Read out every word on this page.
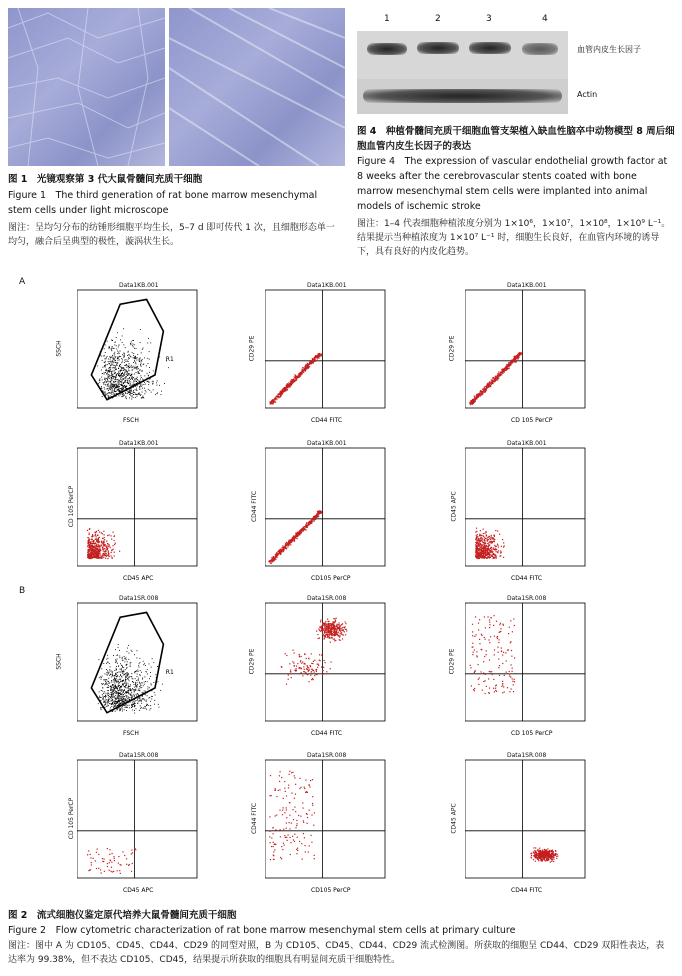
图 1　光镜观察第 3 代大鼠骨髓间充质干细胞
Figure 1　The third generation of rat bone marrow mesenchymal stem cells under light microscope
图注：呈均匀分布的纺锤形细胞平均生长，5–7 d 即可传代 1 次，且细胞形态单一均匀，融合后呈典型的极性，漩涡状生长。
1	2	3	4
血管内皮生长因子
Actin
图 4　种植骨髓间充质干细胞血管支架植入缺血性脑卒中动物模型 8 周后细胞血管内皮生长因子的表达
Figure 4　The expression of vascular endothelial growth factor at 8 weeks after the cerebrovascular stents coated with bone marrow mesenchymal stem cells were implanted into animal models of ischemic stroke
图注：1–4 代表细胞种植浓度分别为 1×10⁶，1×10⁷，1×10⁸，1×10⁹ L⁻¹。结果提示当种植浓度为 1×10⁷ L⁻¹ 时，细胞生长良好，在血管内环境的诱导下，具有良好的内皮化趋势。
A
B
Data1KB.001
R1
FSCH
SSCH
Data1KB.001
CD44 FITC
CD29 PE
Data1KB.001
CD 105 PerCP
CD29 PE
Data1KB.001
CD45 APC
CD 105 PerCP
Data1KB.001
CD105 PerCP
CD44 FITC
Data1KB.001
CD44 FITC
CD45 APC
Data1SR.008
R1
FSCH
SSCH
Data1SR.008
CD44 FITC
CD29 PE
Data1SR.008
CD 105 PerCP
CD29 PE
Data1SR.008
CD45 APC
CD 105 PerCP
Data1SR.008
CD105 PerCP
CD44 FITC
Data1SR.008
CD44 FITC
CD45 APC
图 2　流式细胞仪鉴定原代培养大鼠骨髓间充质干细胞
Figure 2　Flow cytometric characterization of rat bone marrow mesenchymal stem cells at primary culture
图注：图中 A 为 CD105、CD45、CD44、CD29 的同型对照，B 为 CD105、CD45、CD44、CD29 流式检测图。所获取的细胞呈 CD44、CD29 双阳性表达，表达率为 99.38%，但不表达 CD105、CD45，结果提示所获取的细胞具有明显间充质干细胞特性。
